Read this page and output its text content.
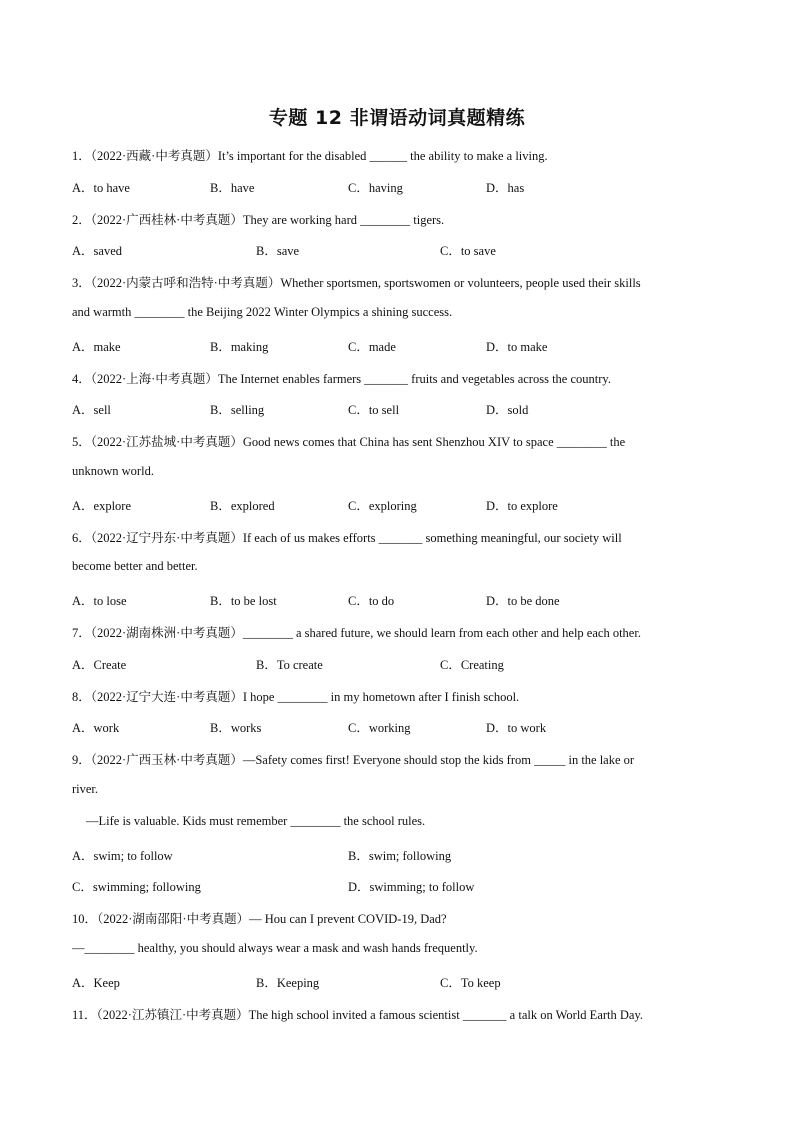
专题 12 非谓语动词真题精练
1．（2022·西藏·中考真题）It’s important for the disabled ______ the ability to make a living.
A．to have	B．have	C．having	D．has
2．（2022·广西桂林·中考真题）They are working hard ________ tigers.
A．saved	B．save	C．to save
3．（2022·内蒙古呼和浩特·中考真题）Whether sportsmen, sportswomen or volunteers, people used their skills
and warmth ________ the Beijing 2022 Winter Olympics a shining success.
A．make	B．making	C．made	D．to make
4．（2022·上海·中考真题）The Internet enables farmers _______ fruits and vegetables across the country.
A．sell	B．selling	C．to sell	D．sold
5．（2022·江苏盐城·中考真题）Good news comes that China has sent Shenzhou XIV to space ________ the
unknown world.
A．explore	B．explored	C．exploring	D．to explore
6．（2022·辽宁丹东·中考真题）If each of us makes efforts _______ something meaningful, our society will
become better and better.
A．to lose	B．to be lost	C．to do	D．to be done
7．（2022·湖南株洲·中考真题）________ a shared future, we should learn from each other and help each other.
A．Create	B．To create	C．Creating
8．（2022·辽宁大连·中考真题）I hope ________ in my hometown after I finish school.
A．work	B．works	C．working	D．to work
9．（2022·广西玉林·中考真题）—Safety comes first! Everyone should stop the kids from _____ in the lake or
river.
—Life is valuable. Kids must remember ________ the school rules.
A．swim; to follow	B．swim; following
C．swimming; following	D．swimming; to follow
10．（2022·湖南邵阳·中考真题）— Hou can I prevent COVID-19, Dad?
—________ healthy, you should always wear a mask and wash hands frequently.
A．Keep	B．Keeping	C．To keep
11．（2022·江苏镇江·中考真题）The high school invited a famous scientist _______ a talk on World Earth Day.
